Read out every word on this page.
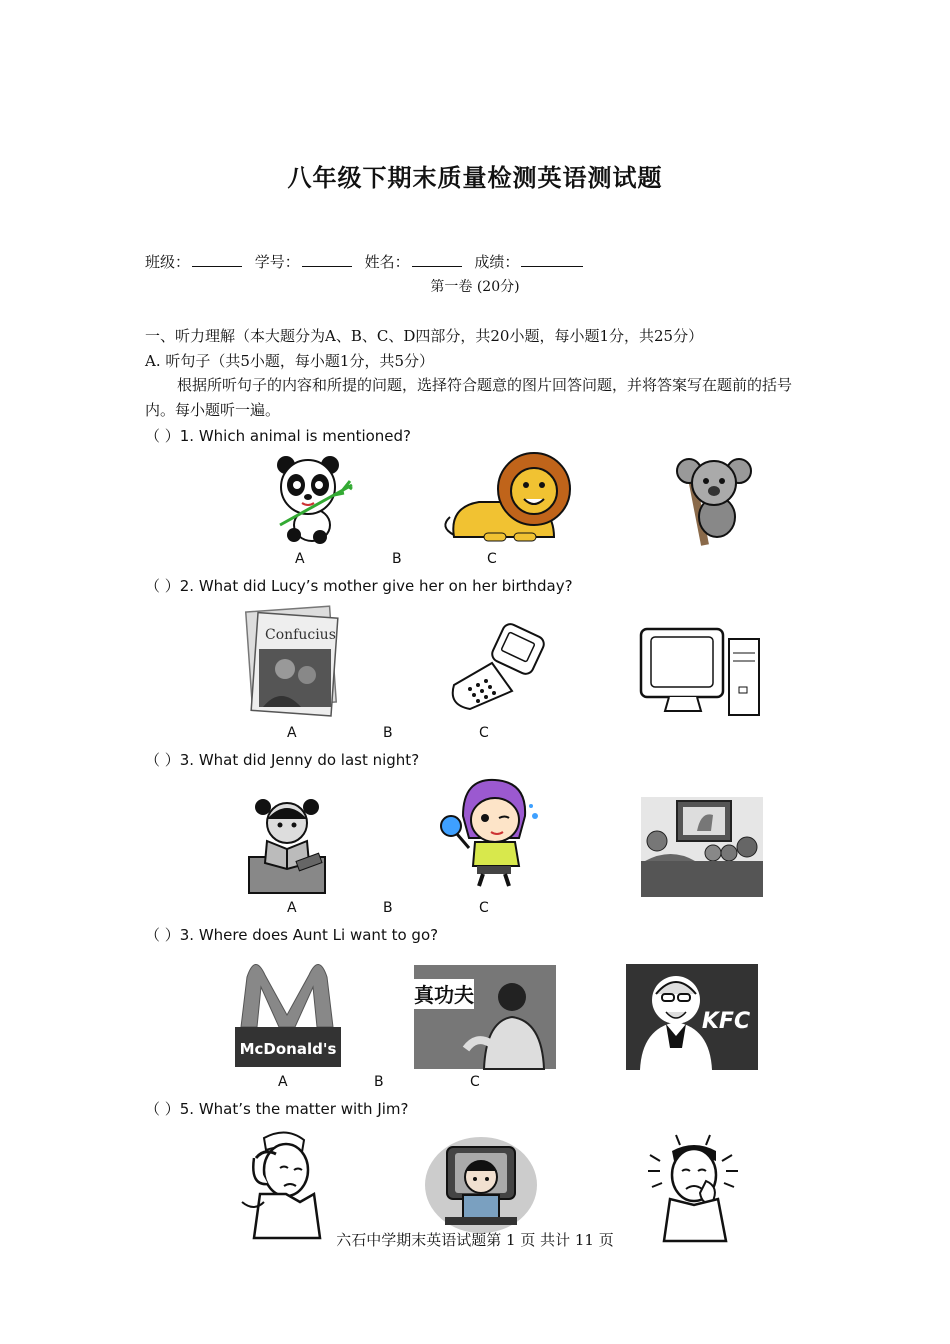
八年级下期末质量检测英语测试题
班级：	学号：	姓名：	成绩：
第一卷 (20分)
一、听力理解（本大题分为A、B、C、D四部分，共20小题，每小题1分，共25分）
A. 听句子（共5小题，每小题1分，共5分）
根据所听句子的内容和所提的问题，选择符合题意的图片回答问题，并将答案写在题前的括号内。每小题听一遍。
（ ）1. Which animal is mentioned?
A	B	C
（ ）2. What did Lucy’s mother give her on her birthday?
Confucius
A	B	C
（ ）3. What did Jenny do last night?
A	B	C
（ ）3. Where does Aunt Li want to go?
McDonald's
真功夫
KFC
A	B	C
（ ）5. What’s the matter with Jim?
六石中学期末英语试题第 1 页 共计 11 页
